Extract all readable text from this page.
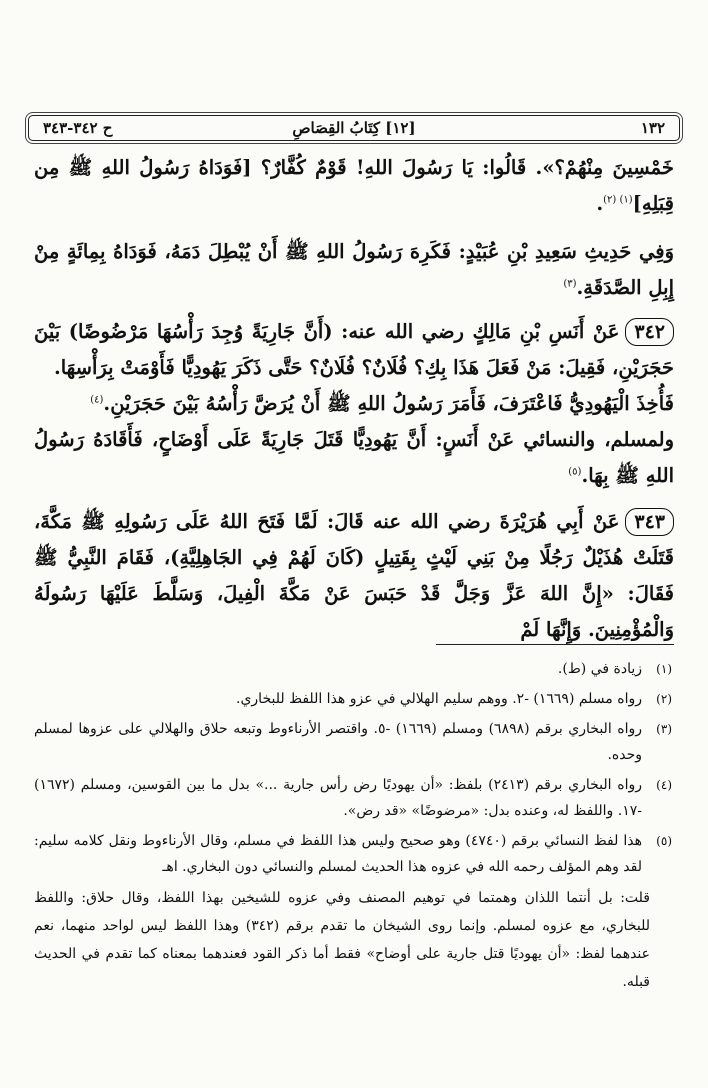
١٣٢
[١٢] كِتَابُ القِصَاصِ
ح ٣٤٢-٣٤٣

خَمْسِينَ مِنْهُمْ؟». قَالُوا: يَا رَسُولَ اللهِ! قَوْمٌ كُفَّارٌ؟ [فَوَدَاهُ رَسُولُ اللهِ ﷺ مِن قِبَلِهِ]$^{(١) (٢)}$.

وَفِي حَدِيثِ سَعِيدِ بْنِ عُبَيْدٍ: فَكَرِهَ رَسُولُ اللهِ ﷺ أَنْ يُبْطِلَ دَمَهُ، فَوَدَاهُ بِمِائَةٍ مِنْ إِبِلِ الصَّدَقَةِ.$^{(٣)}$

٣٤٢عَنْ أَنَسِ بْنِ مَالِكٍ رضي الله عنه: (أَنَّ جَارِيَةً وُجِدَ رَأْسُهَا مَرْضُوضًا) بَيْنَ حَجَرَيْنِ، فَقِيلَ: مَنْ فَعَلَ هَذَا بِكِ؟ فُلَانٌ؟ فُلَانٌ؟ حَتَّى ذَكَرَ يَهُودِيًّا فَأَوْمَتْ بِرَأْسِهَا.

فَأُخِذَ الْيَهُودِيُّ فَاعْتَرَفَ، فَأَمَرَ رَسُولُ اللهِ ﷺ أَنْ يُرَضَّ رَأْسُهُ بَيْنَ حَجَرَيْنِ.$^{(٤)}$

ولمسلم، والنسائي عَنْ أَنَسٍ: أَنَّ يَهُودِيًّا قَتَلَ جَارِيَةً عَلَى أَوْضَاحٍ، فَأَقَادَهُ رَسُولُ اللهِ ﷺ بِهَا.$^{(٥)}$

٣٤٣عَنْ أَبِي هُرَيْرَةَ رضي الله عنه قَالَ: لَمَّا فَتَحَ اللهُ عَلَى رَسُولِهِ ﷺ مَكَّةَ، قَتَلَتْ هُذَيْلٌ رَجُلًا مِنْ بَنِي لَيْثٍ بِقَتِيلٍ (كَانَ لَهُمْ فِي الجَاهِلِيَّةِ)، فَقَامَ النَّبِيُّ ﷺ فَقَالَ: «إِنَّ اللهَ عَزَّ وَجَلَّ قَدْ حَبَسَ عَنْ مَكَّةَ الْفِيلَ، وَسَلَّطَ عَلَيْهَا رَسُولَهُ وَالْمُؤْمِنِينَ. وَإِنَّهَا لَمْ

(١)
زيادة في (ط).
(٢)
رواه مسلم (١٦٦٩) -٢. ووهم سليم الهلالي في عزو هذا اللفظ للبخاري.
(٣)
رواه البخاري برقم (٦٨٩٨) ومسلم (١٦٦٩) -٥. واقتصر الأرناءوط وتبعه حلاق والهلالي على عزوها لمسلم وحده.
(٤)
رواه البخاري برقم (٢٤١٣) بلفظ: «أن يهوديًا رض رأس جارية ...» بدل ما بين القوسين، ومسلم (١٦٧٢) -١٧. واللفظ له، وعنده بدل: «مرضوضًا» «قد رض».
(٥)
هذا لفظ النسائي برقم (٤٧٤٠) وهو صحيح وليس هذا اللفظ في مسلم، وقال الأرناءوط ونقل كلامه سليم: لقد وهم المؤلف رحمه الله في عزوه هذا الحديث لمسلم والنسائي دون البخاري. اهـ
قلت: بل أنتما اللذان وهمتما في توهيم المصنف وفي عزوه للشيخين بهذا اللفظ، وقال حلاق: واللفظ للبخاري، مع عزوه لمسلم. وإنما روى الشيخان ما تقدم برقم (٣٤٢) وهذا اللفظ ليس لواحد منهما، نعم عندهما لفظ: «أن يهوديًا قتل جارية على أوضاح» فقط أما ذكر القود فعندهما بمعناه كما تقدم في الحديث قبله.
